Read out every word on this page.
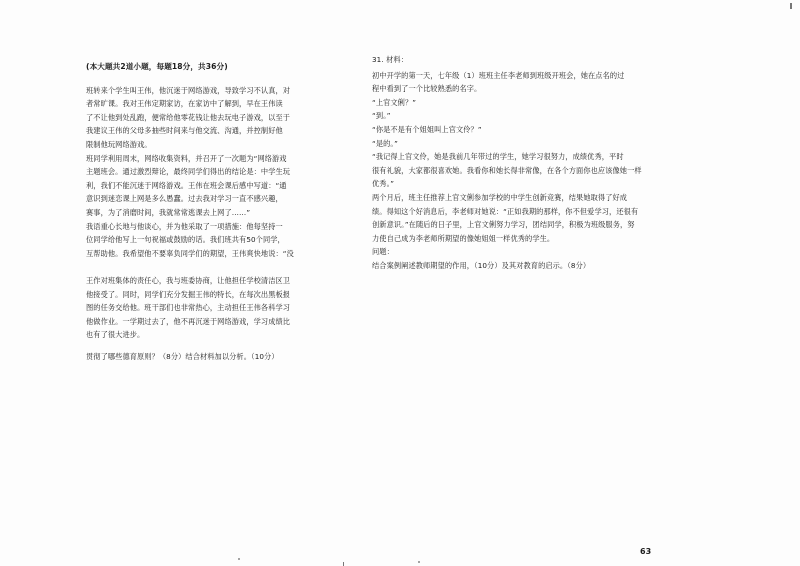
(本大题共2道小题，每题18分，共36分)
班转来个学生叫王伟，他沉迷于网络游戏，导致学习不认真，对
者常旷课。我对王伟定期家访，在家访中了解到，早在王伟读
了不让他到处乱跑，便常给他零花钱让他去玩电子游戏，以至于
我建议王伟的父母多抽些时间来与他交流、沟通，并控制好他
限制他玩网络游戏。
班同学利用周末，网络收集资料，并召开了一次题为“网络游戏
主题班会。通过激烈辩论，最终同学们得出的结论是：中学生玩
利，我们不能沉迷于网络游戏。王伟在班会课后感中写道：“通
意识到迷恋课上网是多么愚蠢。过去我对学习一直不感兴趣，
赛事，为了消磨时间，我就常常逃课去上网了……”
我语重心长地与他谈心，并为他采取了一项措施：他每坚持一
位同学给他写上一句祝福或鼓励的话。我们班共有50个同学，
互帮助他。我希望他不要辜负同学们的期望，王伟爽快地说：“没
王作对班集体的责任心，我与班委协商，让他担任学校清洁区卫
他接受了。同时，同学们充分发掘王伟的特长，在每次出黑板报
图的任务交给他。班干部们也非常热心，主动担任王伟各科学习
他做作业。一学期过去了，他不再沉迷于网络游戏，学习成绩比
也有了很大进步。
贯彻了哪些德育原则？（8分）结合材料加以分析。（10分）
31. 材料：
初中开学的第一天，七年级（1）班班主任李老师到班级开班会，她在点名的过
程中看到了一个比较熟悉的名字。
“上官文俐？”
“到。”
“你是不是有个姐姐叫上官文伶？”
“是的。”
“我记得上官文伶，她是我前几年带过的学生，她学习很努力，成绩优秀，平时
很有礼貌，大家都很喜欢她。我看你和她长得非常像，在各个方面你也应该像她一样
优秀。”
两个月后，班主任推荐上官文俐参加学校的中学生创新竞赛，结果她取得了好成
绩。得知这个好消息后，李老师对她说：“正如我期的那样，你不但爱学习，还很有
创新意识。”在随后的日子里，上官文俐努力学习，团结同学，积极为班级服务，努
力使自己成为李老师所期望的像她姐姐一样优秀的学生。
问题：
结合案例阐述教师期望的作用，（10分）及其对教育的启示。（8分）
63
